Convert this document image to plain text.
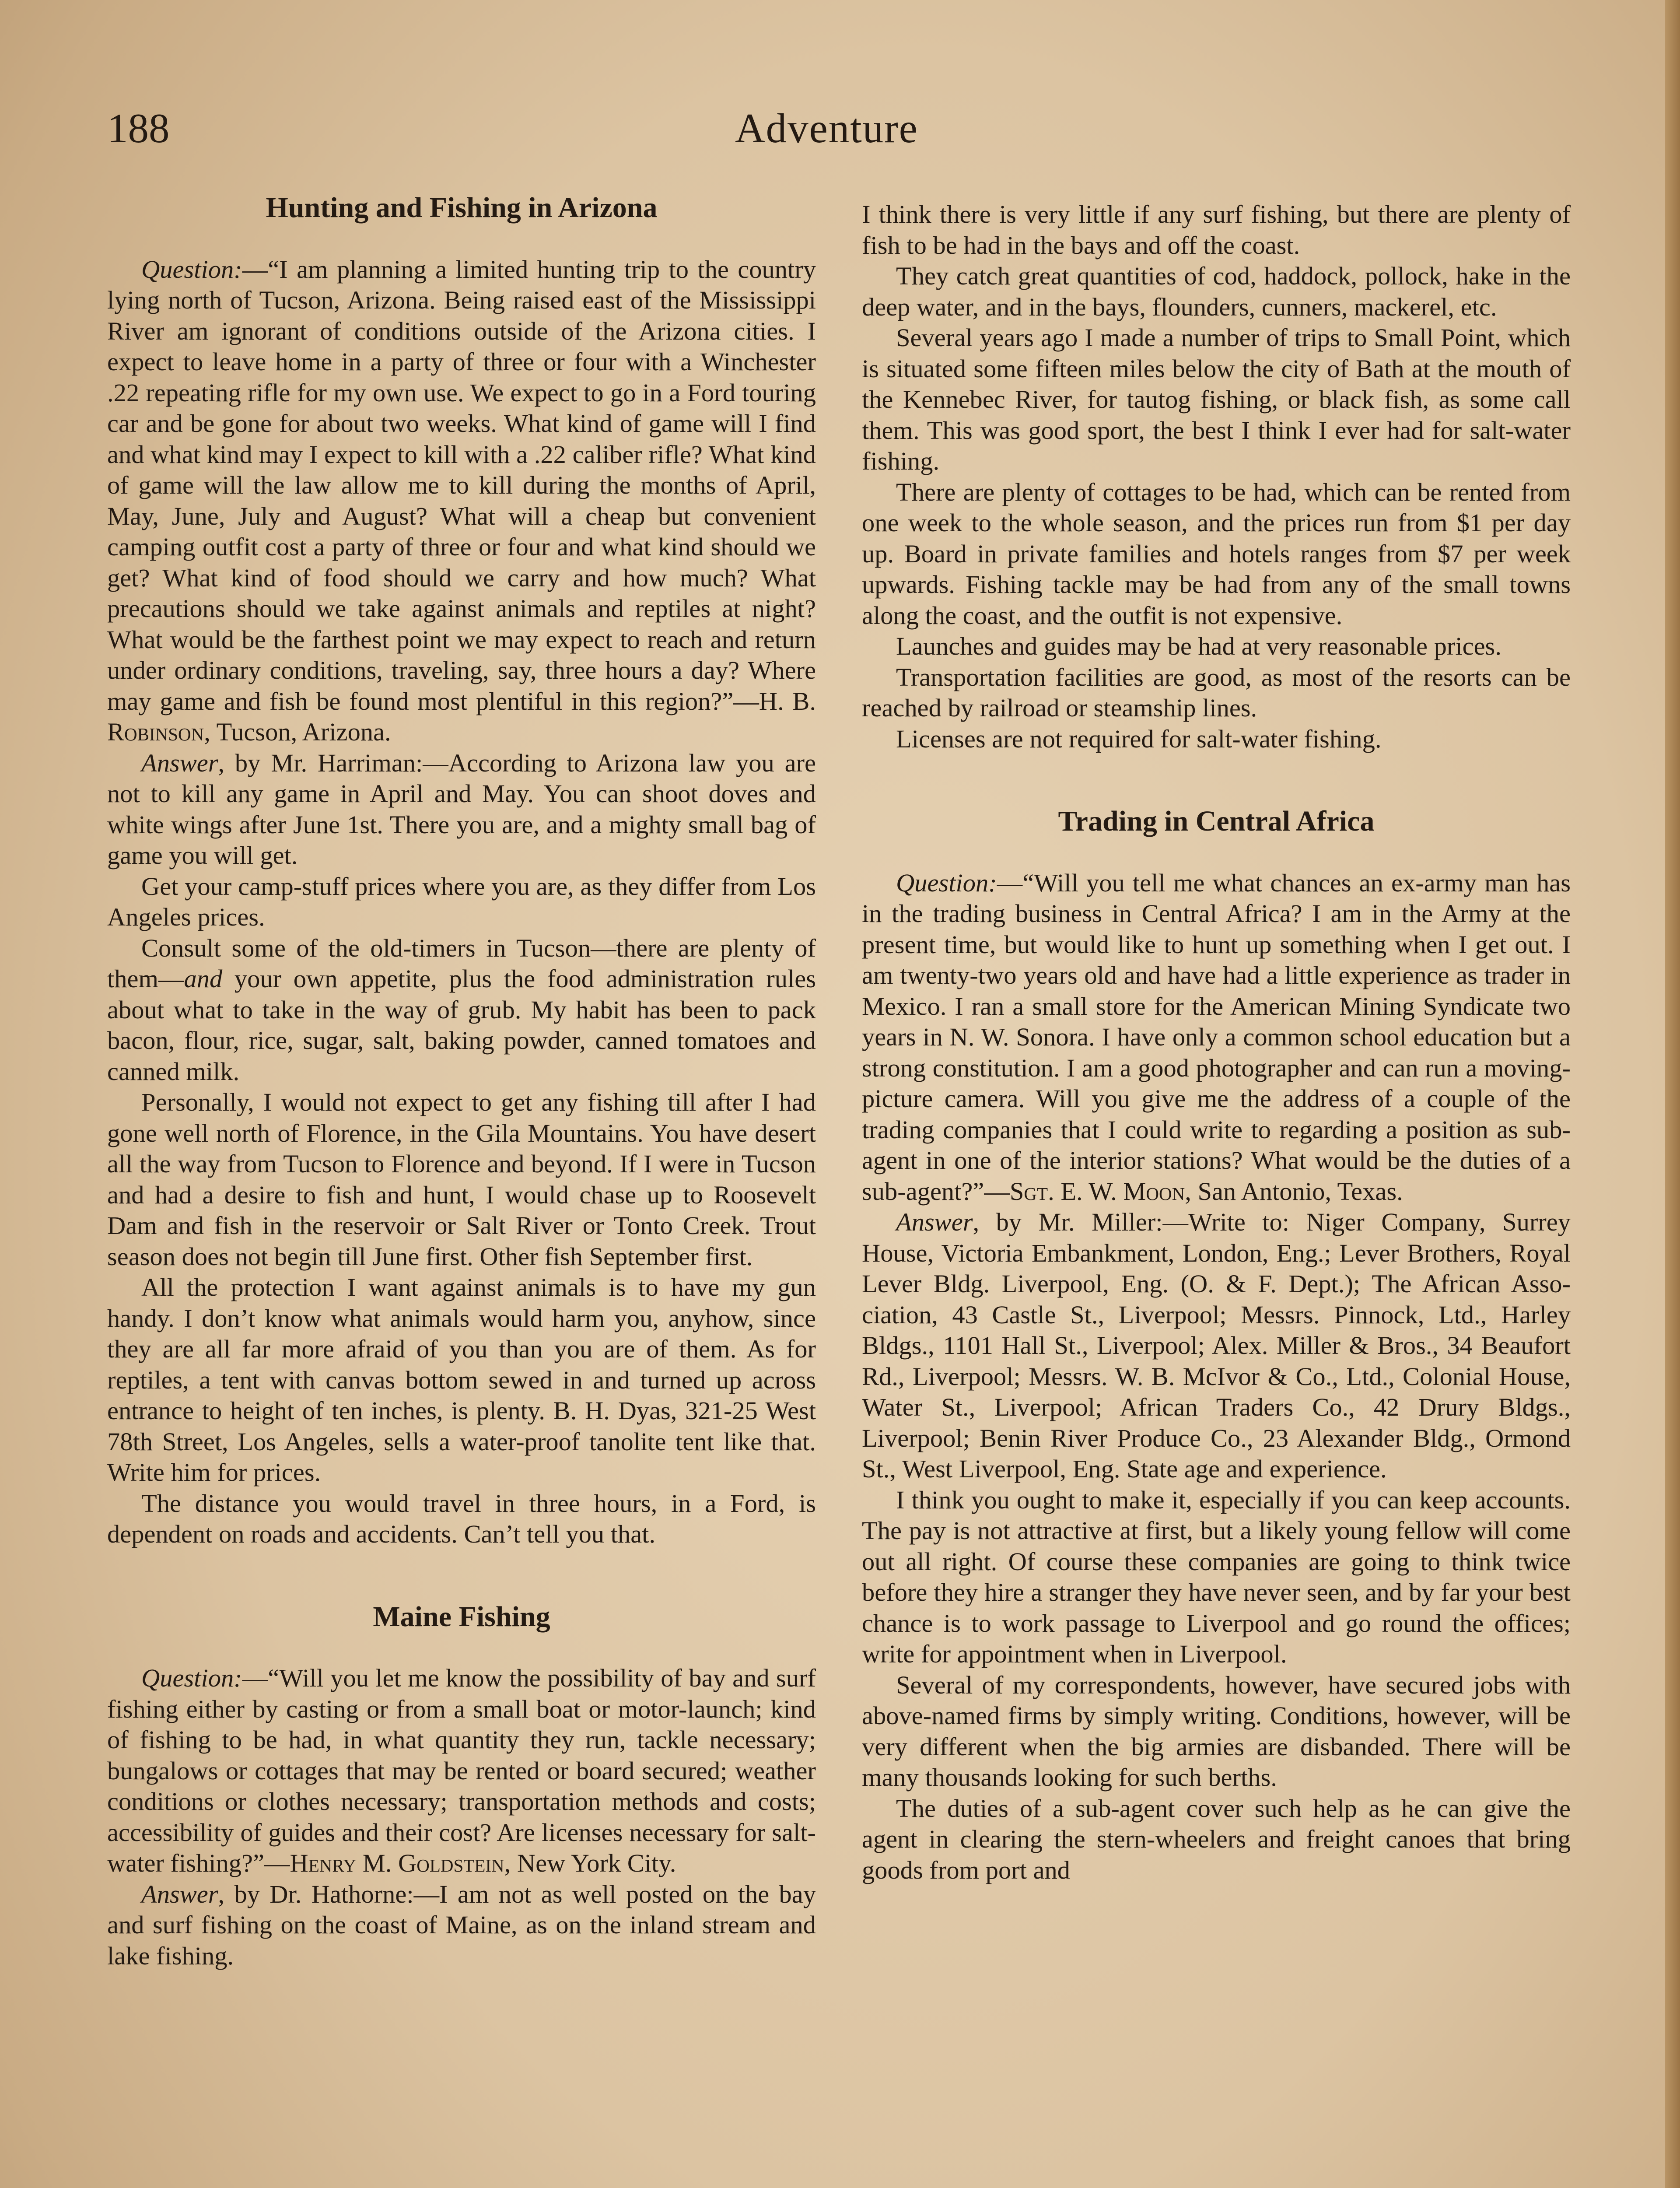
188	Adventure
Hunting and Fishing in Arizona

Question:—“I am planning a limited hunting trip to the country lying north of Tucson, Arizona. Being raised east of the Mississippi River am ignorant of conditions outside of the Arizona cities. I expect to leave home in a party of three or four with a Winchester .22 repeating rifle for my own use. We expect to go in a Ford touring car and be gone for about two weeks. What kind of game will I find and what kind may I expect to kill with a .22 caliber rifle? What kind of game will the law allow me to kill during the months of April, May, June, July and August? What will a cheap but convenient camping outfit cost a party of three or four and what kind should we get? What kind of food should we carry and how much? What precautions should we take against animals and reptiles at night? What would be the farthest point we may expect to reach and return under ordinary conditions, traveling, say, three hours a day? Where may game and fish be found most plentiful in this region?”—H. B. Robinson, Tucson, Arizona.

Answer, by Mr. Harriman:—According to Arizona law you are not to kill any game in April and May. You can shoot doves and white wings after June 1st. There you are, and a mighty small bag of game you will get.

Get your camp-stuff prices where you are, as they differ from Los Angeles prices.

Consult some of the old-timers in Tucson—there are plenty of them—and your own appetite, plus the food administration rules about what to take in the way of grub. My habit has been to pack bacon, flour, rice, sugar, salt, baking powder, canned tomatoes and canned milk.

Personally, I would not expect to get any fishing till after I had gone well north of Florence, in the Gila Mountains. You have desert all the way from Tucson to Florence and beyond. If I were in Tucson and had a desire to fish and hunt, I would chase up to Roosevelt Dam and fish in the reservoir or Salt River or Tonto Creek. Trout season does not begin till June first. Other fish September first.

All the protection I want against animals is to have my gun handy. I don’t know what animals would harm you, anyhow, since they are all far more afraid of you than you are of them. As for reptiles, a tent with canvas bottom sewed in and turned up across entrance to height of ten inches, is plenty. B. H. Dyas, 321-25 West 78th Street, Los Angeles, sells a water-proof tanolite tent like that. Write him for prices.

The distance you would travel in three hours, in a Ford, is dependent on roads and accidents. Can’t tell you that.

Maine Fishing

Question:—“Will you let me know the possibility of bay and surf fishing either by casting or from a small boat or motor-launch; kind of fishing to be had, in what quantity they run, tackle necessary; bungalows or cottages that may be rented or board secured; weather conditions or clothes necessary; transportation methods and costs; accessibility of guides and their cost? Are licenses necessary for salt-water fishing?”—Henry M. Goldstein, New York City.

Answer, by Dr. Hathorne:—I am not as well posted on the bay and surf fishing on the coast of Maine, as on the inland stream and lake fishing.

I think there is very little if any surf fishing, but there are plenty of fish to be had in the bays and off the coast.

They catch great quantities of cod, haddock, pollock, hake in the deep water, and in the bays, flounders, cunners, mackerel, etc.

Several years ago I made a number of trips to Small Point, which is situated some fifteen miles below the city of Bath at the mouth of the Kennebec River, for tautog fishing, or black fish, as some call them. This was good sport, the best I think I ever had for salt-water fishing.

There are plenty of cottages to be had, which can be rented from one week to the whole season, and the prices run from $1 per day up. Board in private families and hotels ranges from $7 per week upwards. Fishing tackle may be had from any of the small towns along the coast, and the outfit is not expensive.

Launches and guides may be had at very reasonable prices.

Transportation facilities are good, as most of the resorts can be reached by railroad or steamship lines.

Licenses are not required for salt-water fishing.

Trading in Central Africa

Question:—“Will you tell me what chances an ex-army man has in the trading business in Central Africa? I am in the Army at the present time, but would like to hunt up something when I get out. I am twenty-two years old and have had a little experience as trader in Mexico. I ran a small store for the American Mining Syndicate two years in N. W. Sonora. I have only a common school education but a strong constitution. I am a good photographer and can run a moving-picture camera. Will you give me the address of a couple of the trading companies that I could write to regarding a position as sub-agent in one of the interior stations? What would be the duties of a sub-agent?”—Sgt. E. W. Moon, San Antonio, Texas.

Answer, by Mr. Miller:—Write to: Niger Company, Surrey House, Victoria Embankment, London, Eng.; Lever Brothers, Royal Lever Bldg. Liverpool, Eng. (O. & F. Dept.); The African Association, 43 Castle St., Liverpool; Messrs. Pinnock, Ltd., Harley Bldgs., 1101 Hall St., Liverpool; Alex. Miller & Bros., 34 Beaufort Rd., Liverpool; Messrs. W. B. McIvor & Co., Ltd., Colonial House, Water St., Liverpool; African Traders Co., 42 Drury Bldgs., Liverpool; Benin River Produce Co., 23 Alexander Bldg., Ormond St., West Liverpool, Eng. State age and experience.

I think you ought to make it, especially if you can keep accounts. The pay is not attractive at first, but a likely young fellow will come out all right. Of course these companies are going to think twice before they hire a stranger they have never seen, and by far your best chance is to work passage to Liverpool and go round the offices; write for appointment when in Liverpool.

Several of my correspondents, however, have secured jobs with above-named firms by simply writing. Conditions, however, will be very different when the big armies are disbanded. There will be many thousands looking for such berths.

The duties of a sub-agent cover such help as he can give the agent in clearing the stern-wheelers and freight canoes that bring goods from port and
